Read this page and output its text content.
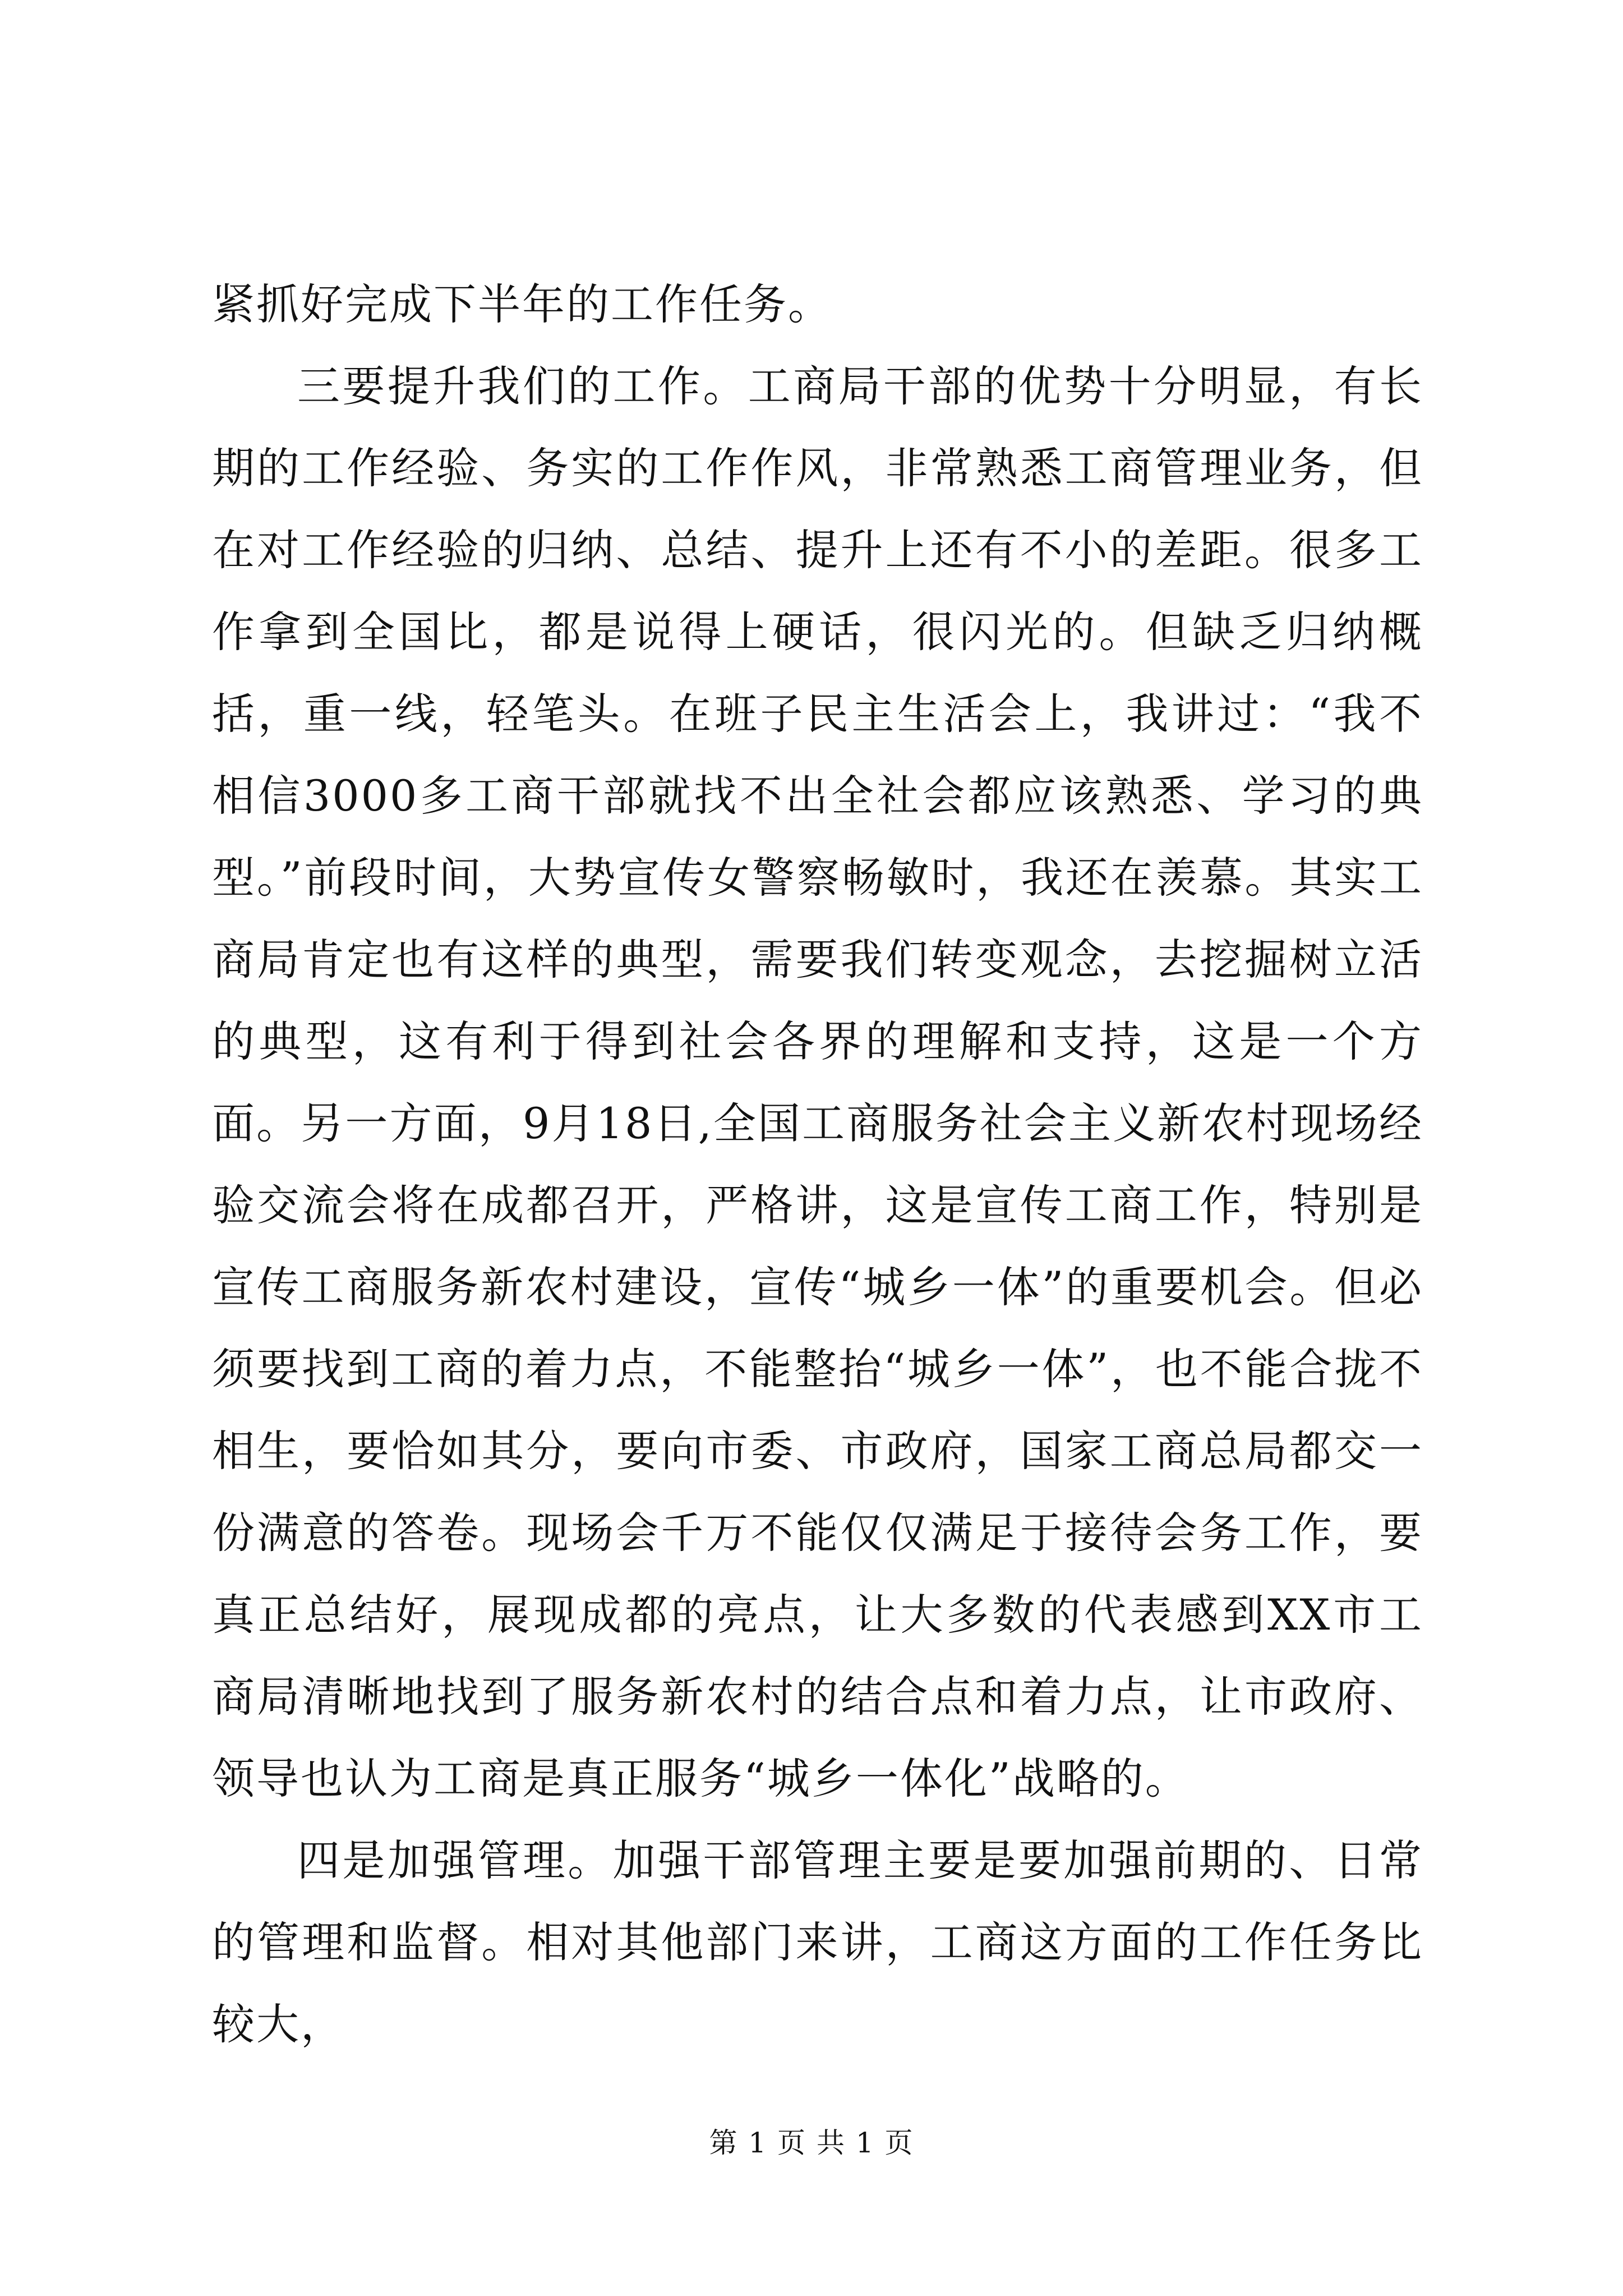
紧抓好完成下半年的工作任务。

三要提升我们的工作。工商局干部的优势十分明显，有长期的工作经验、务实的工作作风，非常熟悉工商管理业务，但在对工作经验的归纳、总结、提升上还有不小的差距。很多工作拿到全国比，都是说得上硬话，很闪光的。但缺乏归纳概括，重一线，轻笔头。在班子民主生活会上，我讲过：“我不相信3000多工商干部就找不出全社会都应该熟悉、学习的典型。”前段时间，大势宣传女警察畅敏时，我还在羡慕。其实工商局肯定也有这样的典型，需要我们转变观念，去挖掘树立活的典型，这有利于得到社会各界的理解和支持，这是一个方面。另一方面，9月18日,全国工商服务社会主义新农村现场经验交流会将在成都召开，严格讲，这是宣传工商工作，特别是宣传工商服务新农村建设，宣传“城乡一体”的重要机会。但必须要找到工商的着力点，不能整抬“城乡一体”，也不能合拢不相生，要恰如其分，要向市委、市政府，国家工商总局都交一份满意的答卷。现场会千万不能仅仅满足于接待会务工作，要真正总结好，展现成都的亮点，让大多数的代表感到XX市工商局清晰地找到了服务新农村的结合点和着力点，让市政府、领导也认为工商是真正服务“城乡一体化”战略的。

四是加强管理。加强干部管理主要是要加强前期的、日常的管理和监督。相对其他部门来讲，工商这方面的工作任务比较大，

第 1 页 共 1 页
